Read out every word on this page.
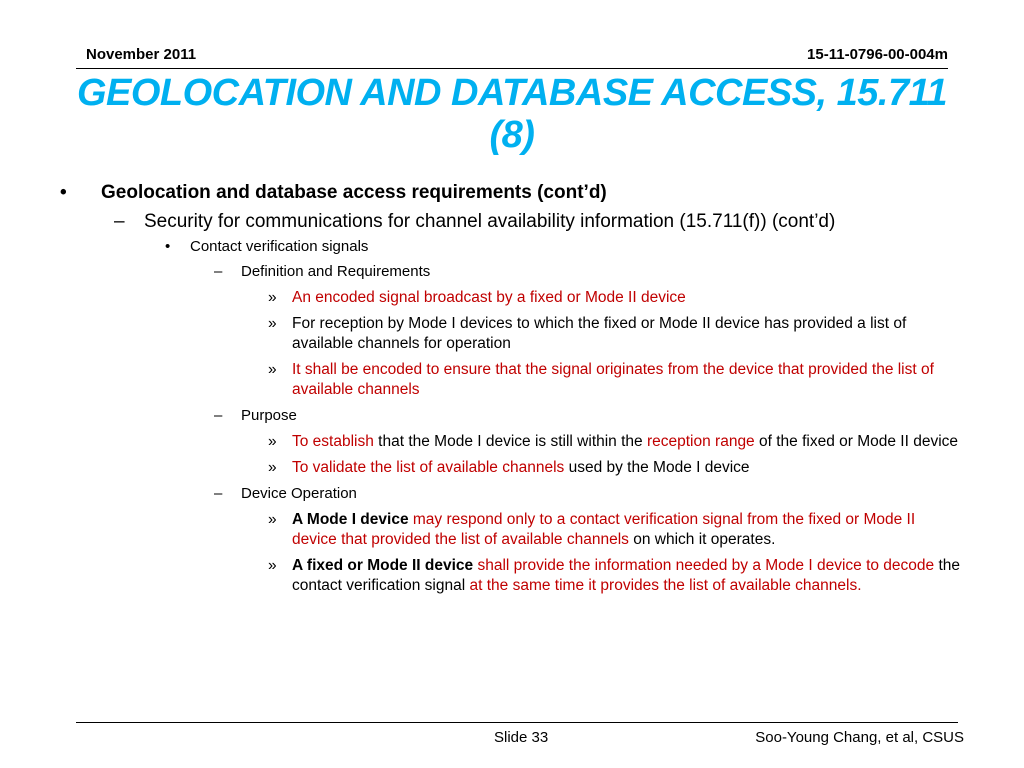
November 2011	15-11-0796-00-004m
GEOLOCATION AND DATABASE ACCESS, 15.711 (8)
• Geolocation and database access requirements (cont’d)
– Security for communications for channel availability information (15.711(f)) (cont’d)
• Contact verification signals
– Definition and Requirements
» An encoded signal broadcast by a fixed or Mode II device
» For reception by Mode I devices to which the fixed or Mode II device has provided a list of available channels for operation
» It shall be encoded to ensure that the signal originates from the device that provided the list of available channels
– Purpose
» To establish that the Mode I device is still within the reception range of the fixed or Mode II device
» To validate the list of available channels used by the Mode I device
– Device Operation
» A Mode I device may respond only to a contact verification signal from the fixed or Mode II device that provided the list of available channels on which it operates.
» A fixed or Mode II device shall provide the information needed by a Mode I device to decode the contact verification signal at the same time it provides the list of available channels.
Slide 33	Soo-Young Chang, et al, CSUS
